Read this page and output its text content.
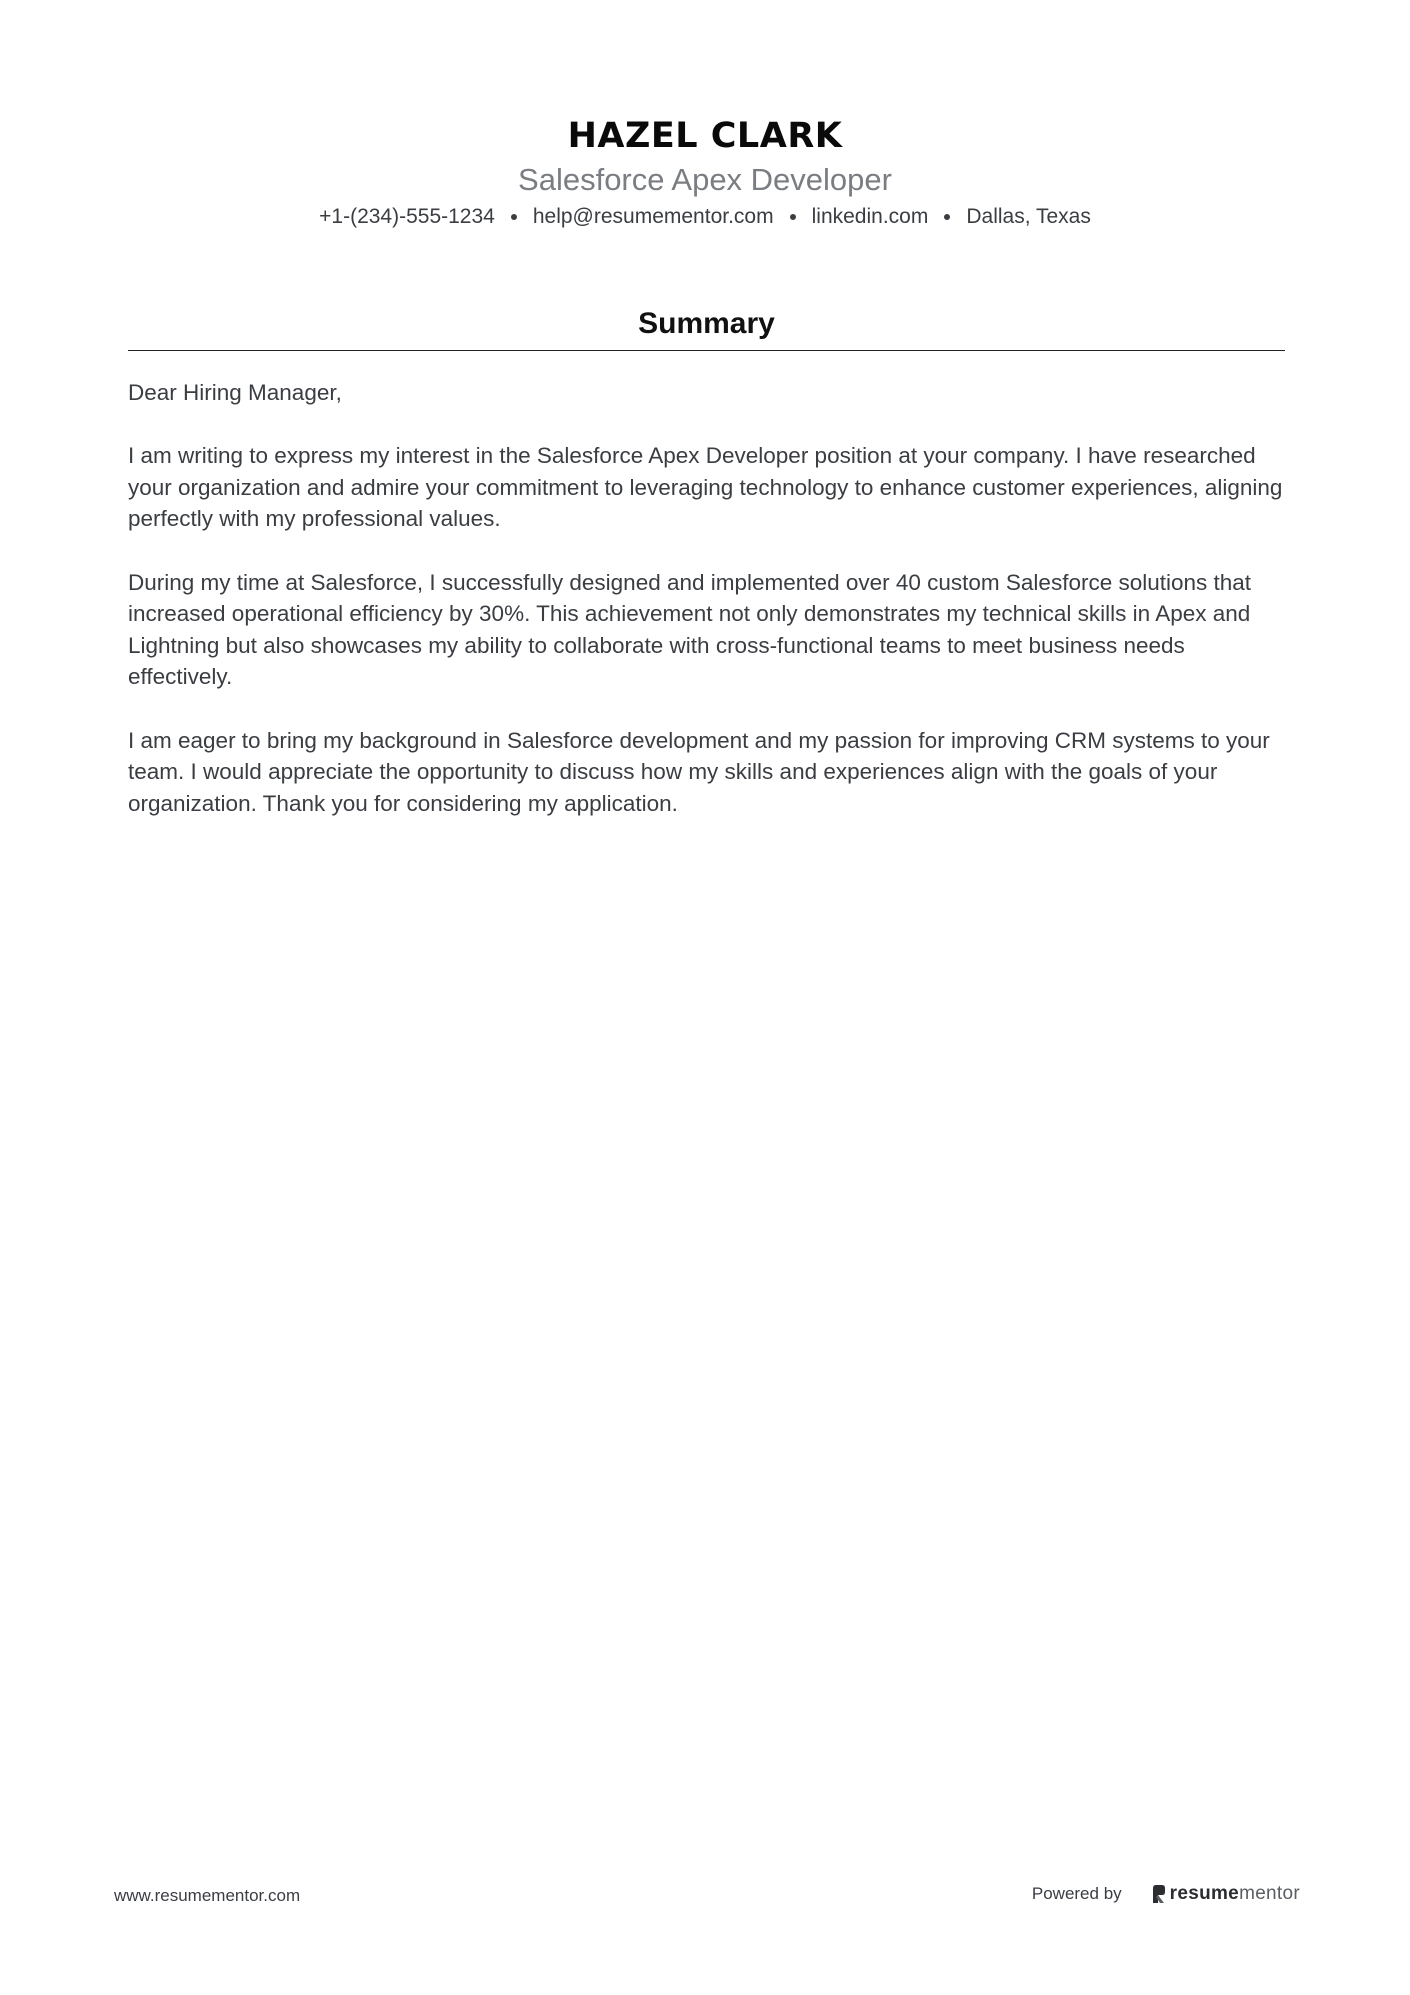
HAZEL CLARK
Salesforce Apex Developer
+1-(234)-555-1234 help@resumementor.com linkedin.com Dallas, Texas
Summary

Dear Hiring Manager,

I am writing to express my interest in the Salesforce Apex Developer position at your company. I have researched your organization and admire your commitment to leveraging technology to enhance customer experiences, aligning perfectly with my professional values.

During my time at Salesforce, I successfully designed and implemented over 40 custom Salesforce solutions that increased operational efficiency by 30%. This achievement not only demonstrates my technical skills in Apex and Lightning but also showcases my ability to collaborate with cross-functional teams to meet business needs effectively.

I am eager to bring my background in Salesforce development and my passion for improving CRM systems to your team. I would appreciate the opportunity to discuss how my skills and experiences align with the goals of your organization. Thank you for considering my application.

www.resumementor.com	Powered by	resume mentor
